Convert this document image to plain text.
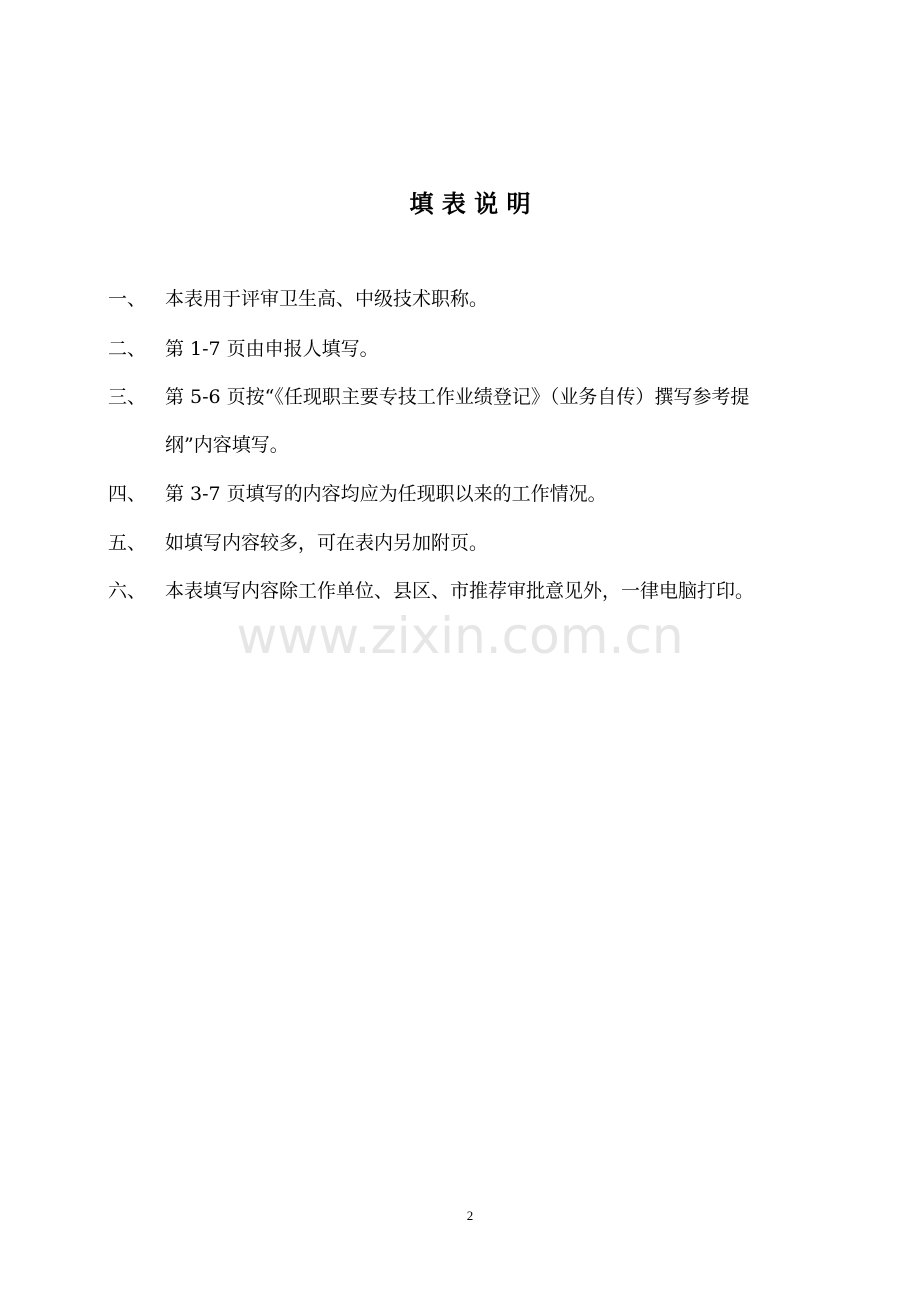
填 表 说 明
一、 本表用于评审卫生高、中级技术职称。
二、 第 1-7 页由申报人填写。
三、 第 5-6 页按“《任现职主要专技工作业绩登记》（业务自传）撰写参考提
纲”内容填写。
四、 第 3-7 页填写的内容均应为任现职以来的工作情况。
五、 如填写内容较多，可在表内另加附页。
六、 本表填写内容除工作单位、县区、市推荐审批意见外，一律电脑打印。
www.zixin.com.cn
2
